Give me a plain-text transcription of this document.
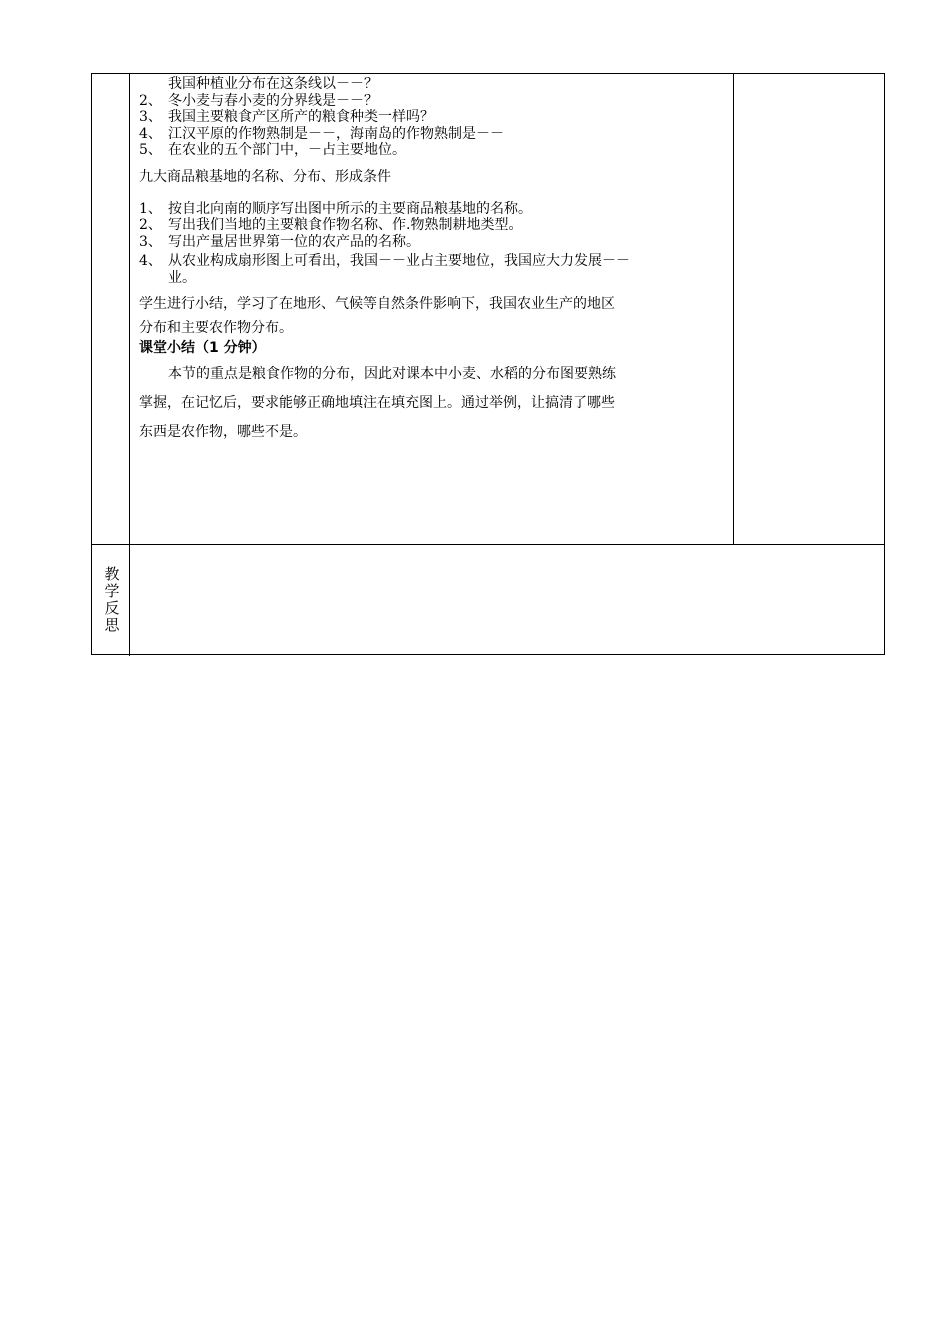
我国种植业分布在这条线以－－？
2、 冬小麦与春小麦的分界线是－－？
3、 我国主要粮食产区所产的粮食种类一样吗？
4、 江汉平原的作物熟制是－－，海南岛的作物熟制是－－
5、 在农业的五个部门中，－占主要地位。
九大商品粮基地的名称、分布、形成条件
1、 按自北向南的顺序写出图中所示的主要商品粮基地的名称。
2、 写出我们当地的主要粮食作物名称、作.物熟制耕地类型。
3、 写出产量居世界第一位的农产品的名称。
4、 从农业构成扇形图上可看出，我国－－业占主要地位，我国应大力发展－－
业。

学生进行小结，学习了在地形、气候等自然条件影响下，我国农业生产的地区

分布和主要农作物分布。

课堂小结（1 分钟）

本节的重点是粮食作物的分布，因此对课本中小麦、水稻的分布图要熟练

掌握，在记忆后，要求能够正确地填注在填充图上。通过举例，让搞清了哪些

东西是农作物，哪些不是。

教学反思
